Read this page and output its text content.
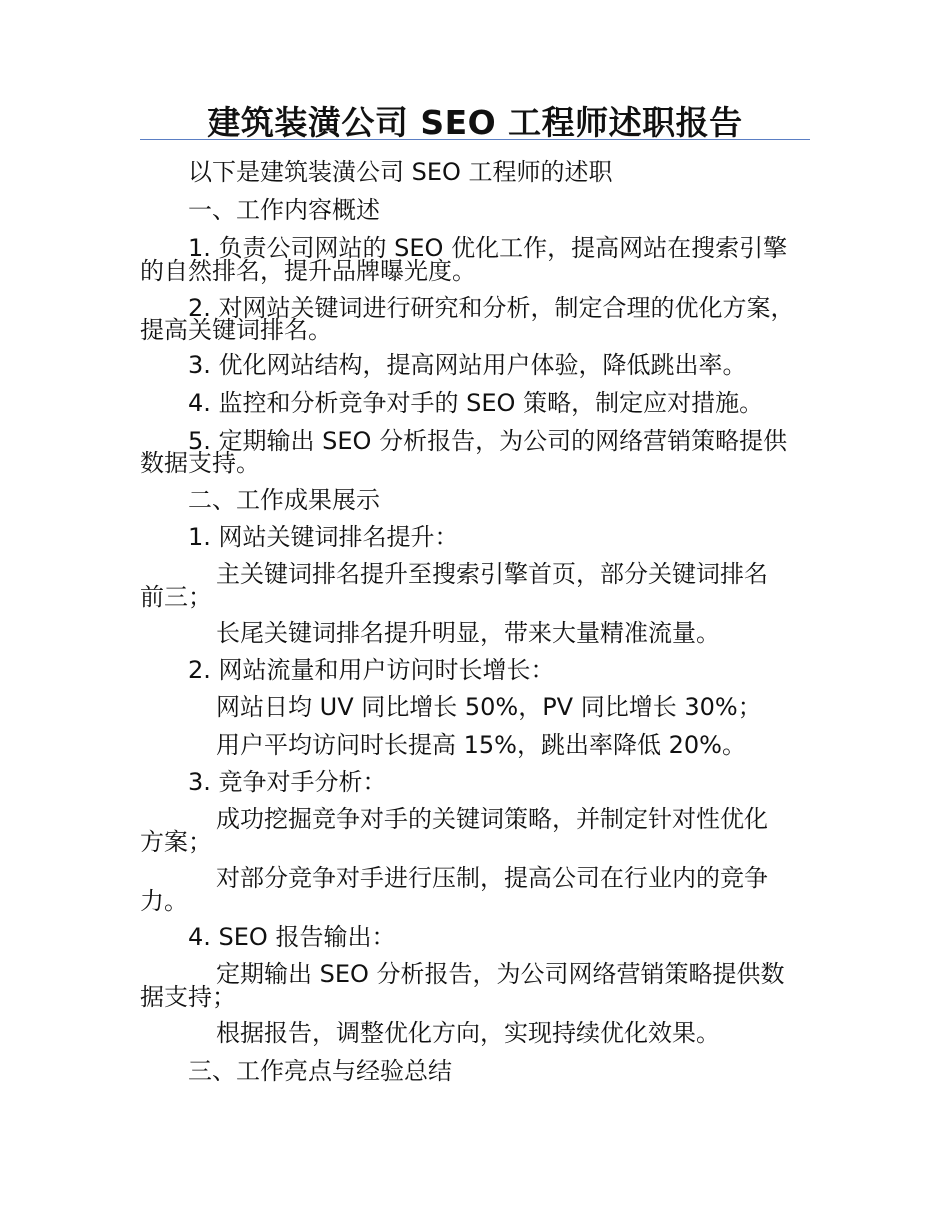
建筑装潢公司 SEO 工程师述职报告
以下是建筑装潢公司 SEO 工程师的述职
一、工作内容概述
1. 负责公司网站的 SEO 优化工作，提高网站在搜索引擎
的自然排名，提升品牌曝光度。
2. 对网站关键词进行研究和分析，制定合理的优化方案，
提高关键词排名。
3. 优化网站结构，提高网站用户体验，降低跳出率。
4. 监控和分析竞争对手的 SEO 策略，制定应对措施。
5. 定期输出 SEO 分析报告，为公司的网络营销策略提供
数据支持。
二、工作成果展示
1. 网站关键词排名提升：
主关键词排名提升至搜索引擎首页，部分关键词排名
前三；
长尾关键词排名提升明显，带来大量精准流量。
2. 网站流量和用户访问时长增长：
网站日均 UV 同比增长 50%，PV 同比增长 30%；
用户平均访问时长提高 15%，跳出率降低 20%。
3. 竞争对手分析：
成功挖掘竞争对手的关键词策略，并制定针对性优化
方案；
对部分竞争对手进行压制，提高公司在行业内的竞争
力。
4. SEO 报告输出：
定期输出 SEO 分析报告，为公司网络营销策略提供数
据支持；
根据报告，调整优化方向，实现持续优化效果。
三、工作亮点与经验总结
